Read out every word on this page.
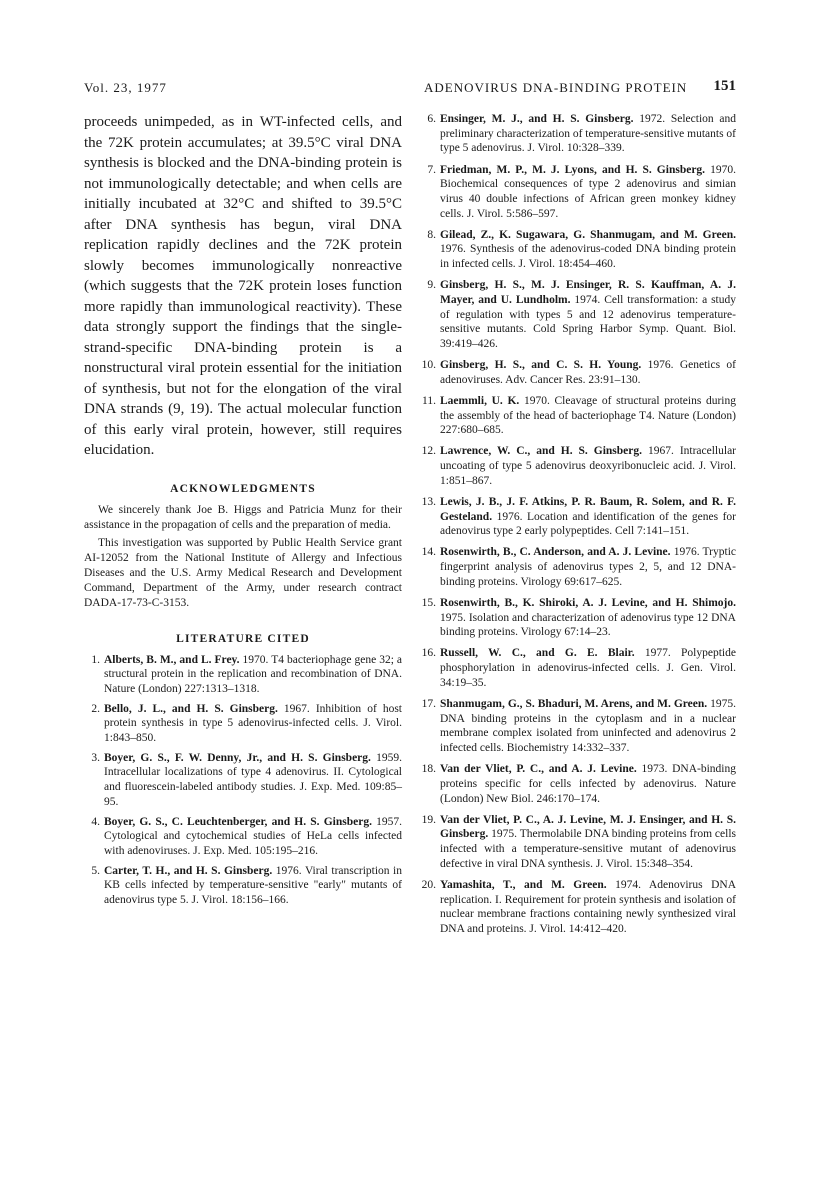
Vol. 23, 1977	ADENOVIRUS DNA-BINDING PROTEIN 151

proceeds unimpeded, as in WT-infected cells, and the 72K protein accumulates; at 39.5°C viral DNA synthesis is blocked and the DNA-binding protein is not immunologically detectable; and when cells are initially incubated at 32°C and shifted to 39.5°C after DNA synthesis has begun, viral DNA replication rapidly declines and the 72K protein slowly becomes immunologically nonreactive (which suggests that the 72K protein loses function more rapidly than immunological reactivity). These data strongly support the findings that the single-strand-specific DNA-binding protein is a nonstructural viral protein essential for the initiation of synthesis, but not for the elongation of the viral DNA strands (9, 19). The actual molecular function of this early viral protein, however, still requires elucidation.

ACKNOWLEDGMENTS

We sincerely thank Joe B. Higgs and Patricia Munz for their assistance in the propagation of cells and the preparation of media.

This investigation was supported by Public Health Service grant AI-12052 from the National Institute of Allergy and Infectious Diseases and the U.S. Army Medical Research and Development Command, Department of the Army, under research contract DADA-17-73-C-3153.

LITERATURE CITED
1. Alberts, B. M., and L. Frey. 1970. T4 bacteriophage gene 32; a structural protein in the replication and recombination of DNA. Nature (London) 227:1313–1318.
2. Bello, J. L., and H. S. Ginsberg. 1967. Inhibition of host protein synthesis in type 5 adenovirus-infected cells. J. Virol. 1:843–850.
3. Boyer, G. S., F. W. Denny, Jr., and H. S. Ginsberg. 1959. Intracellular localizations of type 4 adenovirus. II. Cytological and fluorescein-labeled antibody studies. J. Exp. Med. 109:85–95.
4. Boyer, G. S., C. Leuchtenberger, and H. S. Ginsberg. 1957. Cytological and cytochemical studies of HeLa cells infected with adenoviruses. J. Exp. Med. 105:195–216.
5. Carter, T. H., and H. S. Ginsberg. 1976. Viral transcription in KB cells infected by temperature-sensitive "early" mutants of adenovirus type 5. J. Virol. 18:156–166.
6. Ensinger, M. J., and H. S. Ginsberg. 1972. Selection and preliminary characterization of temperature-sensitive mutants of type 5 adenovirus. J. Virol. 10:328–339.
7. Friedman, M. P., M. J. Lyons, and H. S. Ginsberg. 1970. Biochemical consequences of type 2 adenovirus and simian virus 40 double infections of African green monkey kidney cells. J. Virol. 5:586–597.
8. Gilead, Z., K. Sugawara, G. Shanmugam, and M. Green. 1976. Synthesis of the adenovirus-coded DNA binding protein in infected cells. J. Virol. 18:454–460.
9. Ginsberg, H. S., M. J. Ensinger, R. S. Kauffman, A. J. Mayer, and U. Lundholm. 1974. Cell transformation: a study of regulation with types 5 and 12 adenovirus temperature-sensitive mutants. Cold Spring Harbor Symp. Quant. Biol. 39:419–426.
10. Ginsberg, H. S., and C. S. H. Young. 1976. Genetics of adenoviruses. Adv. Cancer Res. 23:91–130.
11. Laemmli, U. K. 1970. Cleavage of structural proteins during the assembly of the head of bacteriophage T4. Nature (London) 227:680–685.
12. Lawrence, W. C., and H. S. Ginsberg. 1967. Intracellular uncoating of type 5 adenovirus deoxyribonucleic acid. J. Virol. 1:851–867.
13. Lewis, J. B., J. F. Atkins, P. R. Baum, R. Solem, and R. F. Gesteland. 1976. Location and identification of the genes for adenovirus type 2 early polypeptides. Cell 7:141–151.
14. Rosenwirth, B., C. Anderson, and A. J. Levine. 1976. Tryptic fingerprint analysis of adenovirus types 2, 5, and 12 DNA-binding proteins. Virology 69:617–625.
15. Rosenwirth, B., K. Shiroki, A. J. Levine, and H. Shimojo. 1975. Isolation and characterization of adenovirus type 12 DNA binding proteins. Virology 67:14–23.
16. Russell, W. C., and G. E. Blair. 1977. Polypeptide phosphorylation in adenovirus-infected cells. J. Gen. Virol. 34:19–35.
17. Shanmugam, G., S. Bhaduri, M. Arens, and M. Green. 1975. DNA binding proteins in the cytoplasm and in a nuclear membrane complex isolated from uninfected and adenovirus 2 infected cells. Biochemistry 14:332–337.
18. Van der Vliet, P. C., and A. J. Levine. 1973. DNA-binding proteins specific for cells infected by adenovirus. Nature (London) New Biol. 246:170–174.
19. Van der Vliet, P. C., A. J. Levine, M. J. Ensinger, and H. S. Ginsberg. 1975. Thermolabile DNA binding proteins from cells infected with a temperature-sensitive mutant of adenovirus defective in viral DNA synthesis. J. Virol. 15:348–354.
20. Yamashita, T., and M. Green. 1974. Adenovirus DNA replication. I. Requirement for protein synthesis and isolation of nuclear membrane fractions containing newly synthesized viral DNA and proteins. J. Virol. 14:412–420.
